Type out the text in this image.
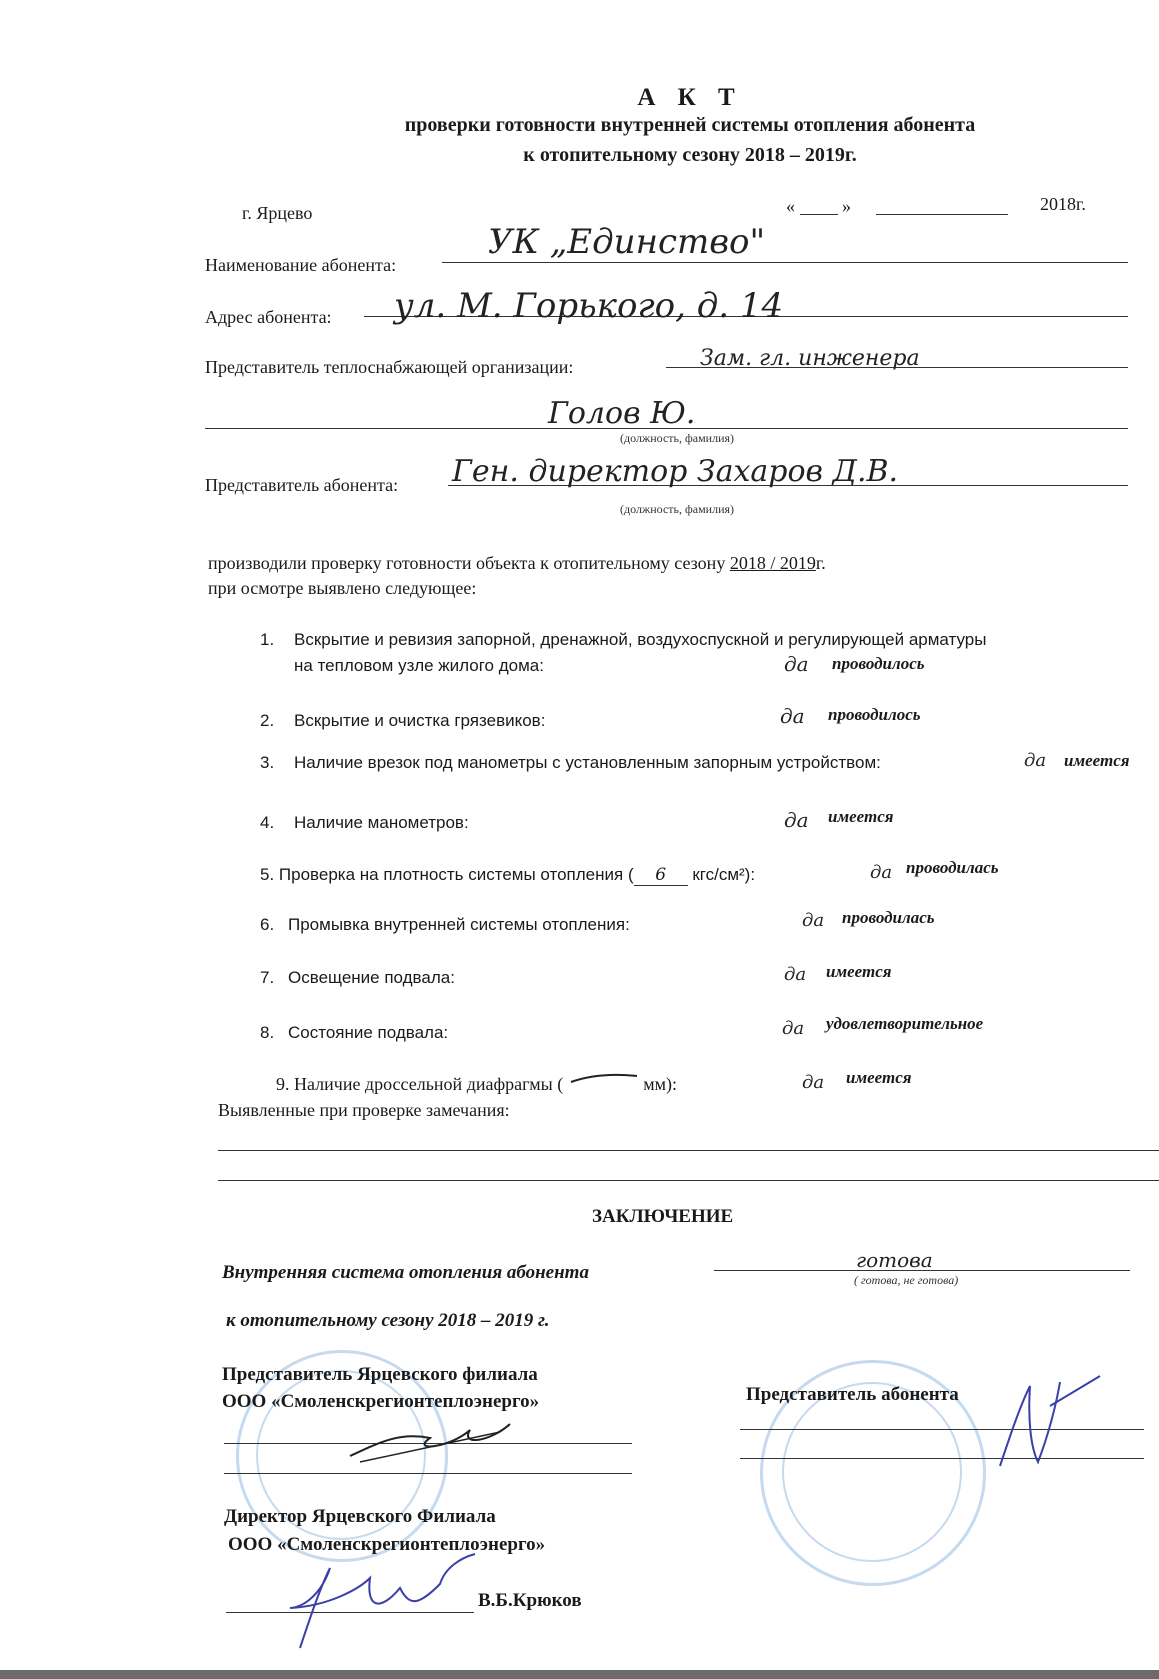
А К Т
проверки готовности внутренней системы отопления абонента
к отопительному сезону 2018 – 2019г.
г. Ярцево	«	»	2018г.
Наименование абонента:
УК „Единство"
Адрес абонента: ул. М. Горького, д. 14
Представитель теплоснабжающей организации:	Зам. гл. инженера
Голов Ю.
(должность, фамилия)
Представитель абонента: Ген. директор Захаров Д.В.
(должность, фамилия)
производили проверку готовности объекта к отопительному сезону 2018 / 2019г.
при осмотре выявлено следующее:
1. Вскрытие и ревизия запорной, дренажной, воздухоспускной и регулирующей арматуры
на тепловом узле жилого дома:	да проводилось
2. Вскрытие и очистка грязевиков:	да проводилось
3. Наличие врезок под манометры с установленным запорным устройством:	да имеется
4. Наличие манометров:	да имеется
5. Проверка на плотность системы отопления ( 6 кгс/см²):	да проводилась
6. Промывка внутренней системы отопления:	да проводилась
7. Освещение подвала:	да имеется
8. Состояние подвала:	да удовлетворительное
9. Наличие дроссельной диафрагмы (	мм):	да имеется
Выявленные при проверке замечания:
ЗАКЛЮЧЕНИЕ
Внутренняя система отопления абонента
готова
( готова, не готова)
к отопительному сезону 2018 – 2019 г.
Представитель Ярцевского филиала
ООО «Смоленскрегионтеплоэнерго»	Представитель абонента
Директор Ярцевского Филиала
ООО «Смоленскрегионтеплоэнерго»
В.Б.Крюков
